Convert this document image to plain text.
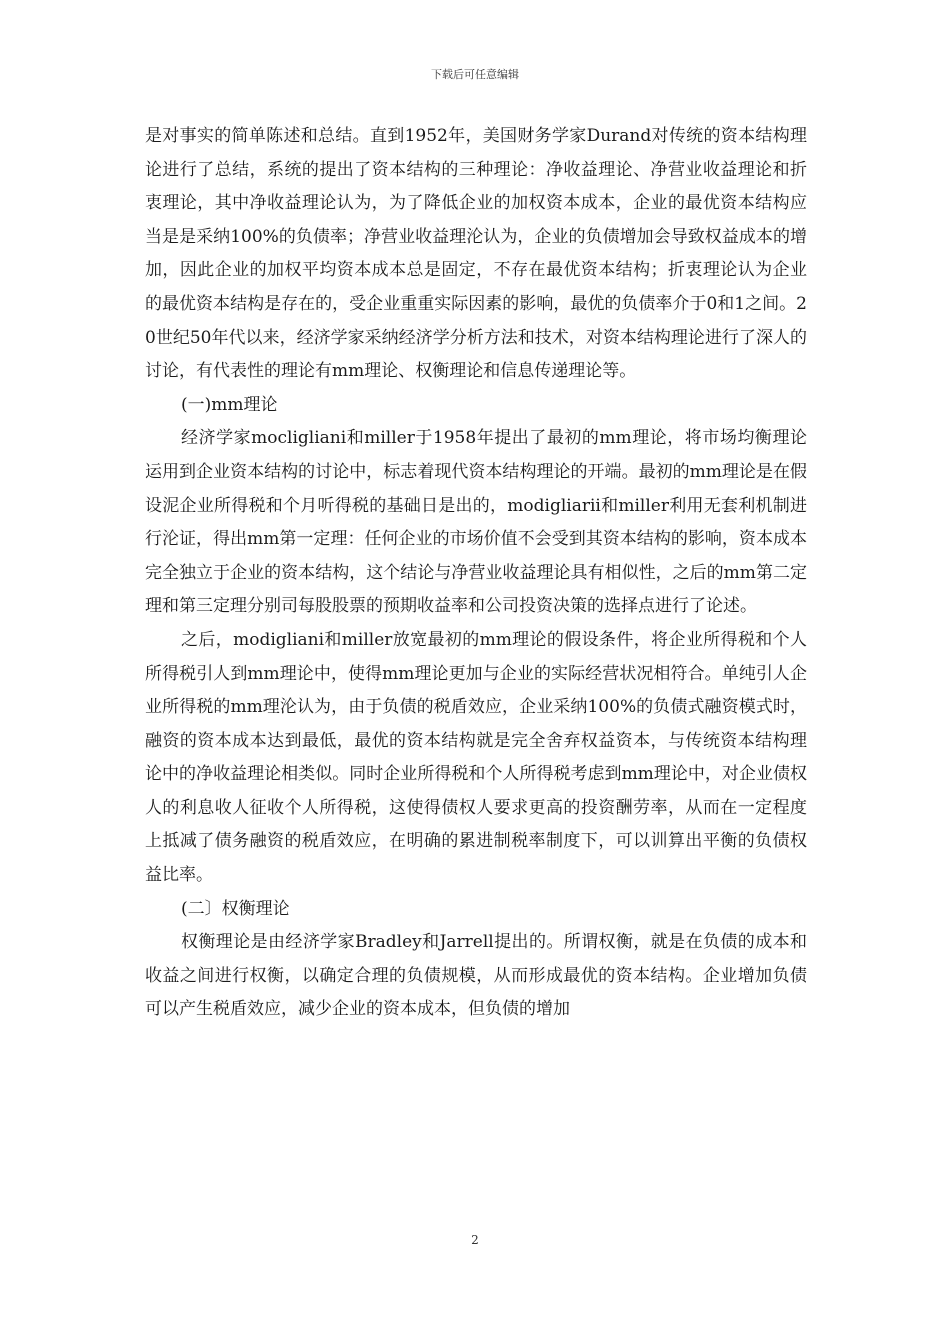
下载后可任意编辑

是对事实的简单陈述和总结。直到1952年，美国财务学家Durand对传统的资本结构理论进行了总结，系统的提出了资本结构的三种理论：净收益理论、净营业收益理论和折衷理论，其中净收益理论认为，为了降低企业的加权资本成本，企业的最优资本结构应当是是采纳100%的负债率；净营业收益理沦认为，企业的负债增加会导致权益成本的增加，因此企业的加权平均资本成本总是固定，不存在最优资本结构；折衷理论认为企业的最优资本结构是存在的，受企业重重实际因素的影响，最优的负债率介于0和1之间。20世纪50年代以来，经济学家采纳经济学分析方法和技术，对资本结构理论进行了深人的讨论，有代表性的理论有mm理论、权衡理论和信息传递理论等。

(一)mm理论

经济学家mocligliani和miller于1958年提出了最初的mm理论，将市场均衡理论运用到企业资本结构的讨论中，标志着现代资本结构理论的开端。最初的mm理论是在假设泥企业所得税和个月听得税的基础日是出的，modigliarii和miller利用无套利机制进行沦证，得出mm第一定理：任何企业的市场价值不会受到其资本结构的影响，资本成本完全独立于企业的资本结构，这个结论与净营业收益理论具有相似性，之后的mm第二定理和第三定理分别司每股股票的预期收益率和公司投资决策的选择点进行了论述。

之后，modigliani和miller放宽最初的mm理论的假设条件，将企业所得税和个人所得税引人到mm理论中，使得mm理论更加与企业的实际经营状况相符合。单纯引人企业所得税的mm理沦认为，由于负债的税盾效应，企业采纳100%的负债式融资模式时，融资的资本成本达到最低，最优的资本结构就是完全舍弃权益资本，与传统资本结构理论中的净收益理论相类似。同时企业所得税和个人所得税考虑到mm理论中，对企业债权人的利息收人征收个人所得税，这使得债权人要求更高的投资酬劳率，从而在一定程度上抵减了债务融资的税盾效应，在明确的累进制税率制度下，可以训算出平衡的负债权益比率。

(二〕权衡理论

权衡理论是由经济学家Bradley和Jarrell提出的。所谓权衡，就是在负债的成本和收益之间进行权衡，以确定合理的负债规模，从而形成最优的资本结构。企业增加负债可以产生税盾效应，减少企业的资本成本，但负债的增加

2
